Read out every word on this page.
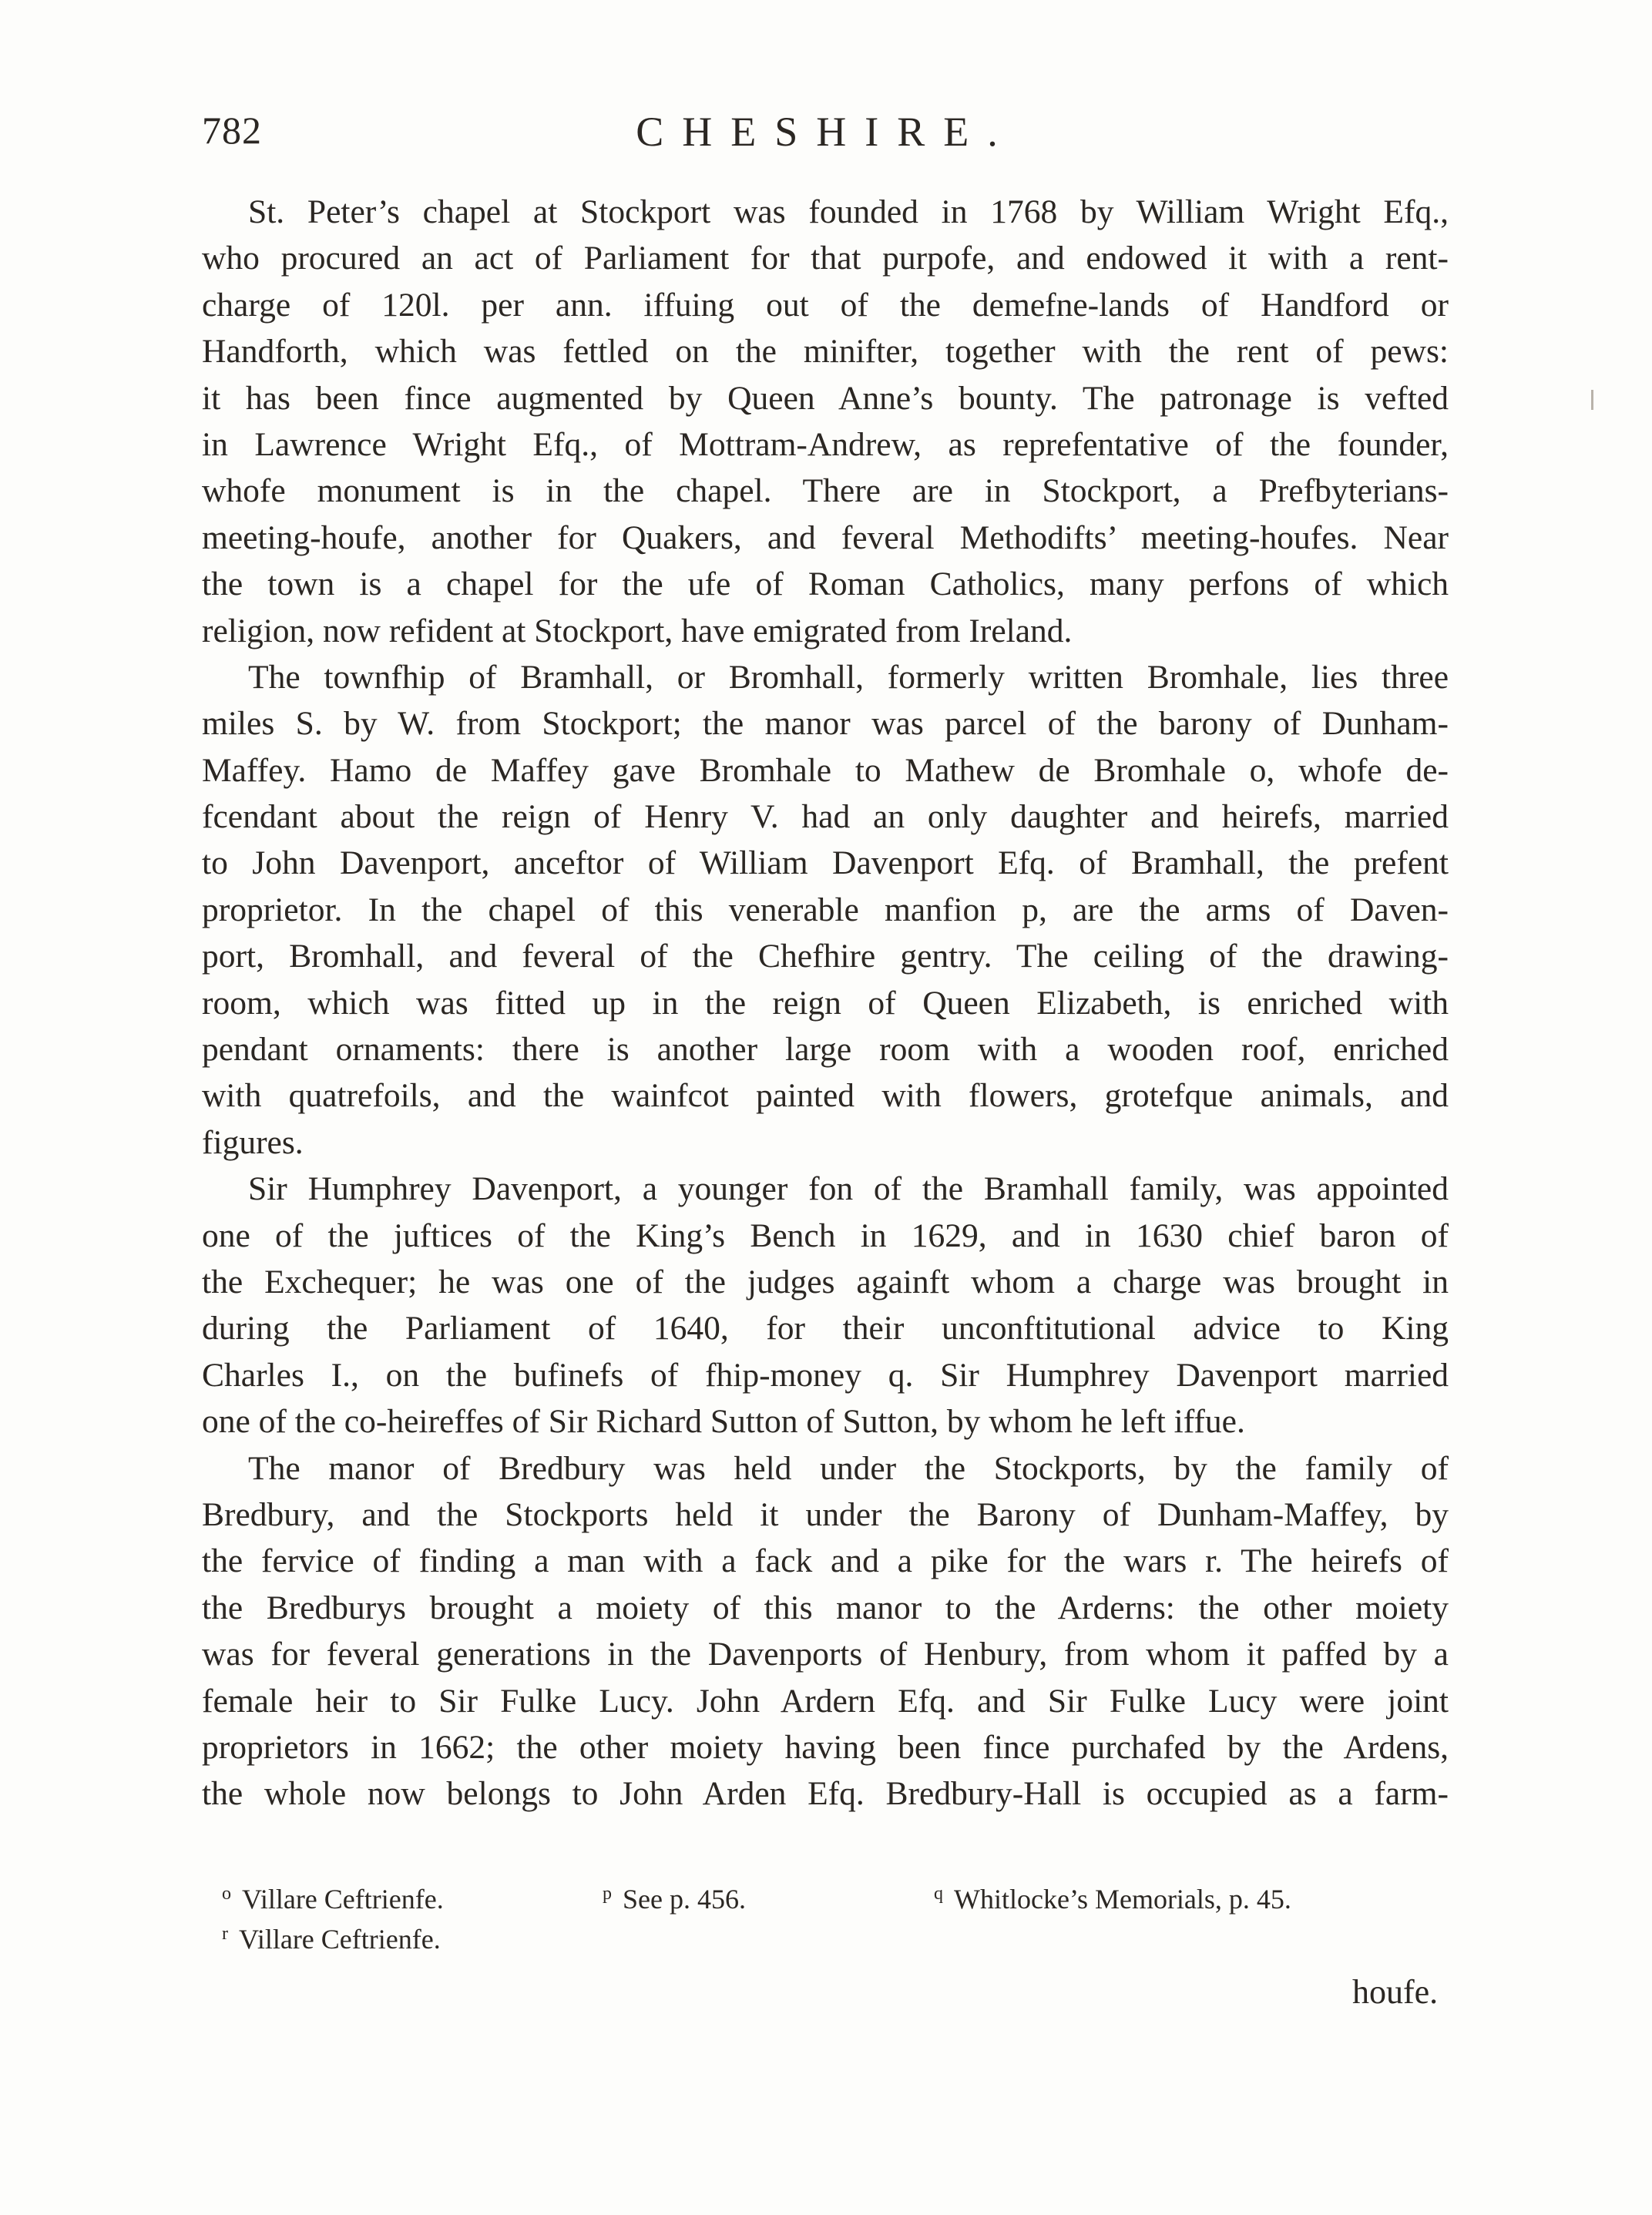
782	CHESHIRE.
St. Peter’s chapel at Stockport was founded in 1768 by William Wright Efq.,
who procured an act of Parliament for that purpofe, and endowed it with a rent-
charge of 120l. per ann. iffuing out of the demefne-lands of Handford or
Handforth, which was fettled on the minifter, together with the rent of pews:
it has been fince augmented by Queen Anne’s bounty. The patronage is vefted
in Lawrence Wright Efq., of Mottram-Andrew, as reprefentative of the founder,
whofe monument is in the chapel. There are in Stockport, a Prefbyterians-
meeting-houfe, another for Quakers, and feveral Methodifts’ meeting-houfes. Near
the town is a chapel for the ufe of Roman Catholics, many perfons of which
religion, now refident at Stockport, have emigrated from Ireland.
The townfhip of Bramhall, or Bromhall, formerly written Bromhale, lies three
miles S. by W. from Stockport; the manor was parcel of the barony of Dunham-
Maffey. Hamo de Maffey gave Bromhale to Mathew de Bromhale o, whofe de-
fcendant about the reign of Henry V. had an only daughter and heirefs, married
to John Davenport, anceftor of William Davenport Efq. of Bramhall, the prefent
proprietor. In the chapel of this venerable manfion p, are the arms of Daven-
port, Bromhall, and feveral of the Chefhire gentry. The ceiling of the drawing-
room, which was fitted up in the reign of Queen Elizabeth, is enriched with
pendant ornaments: there is another large room with a wooden roof, enriched
with quatrefoils, and the wainfcot painted with flowers, grotefque animals, and
figures.
Sir Humphrey Davenport, a younger fon of the Bramhall family, was appointed
one of the juftices of the King’s Bench in 1629, and in 1630 chief baron of
the Exchequer; he was one of the judges againft whom a charge was brought in
during the Parliament of 1640, for their unconftitutional advice to King
Charles I., on the bufinefs of fhip-money q. Sir Humphrey Davenport married
one of the co-heireffes of Sir Richard Sutton of Sutton, by whom he left iffue.
The manor of Bredbury was held under the Stockports, by the family of
Bredbury, and the Stockports held it under the Barony of Dunham-Maffey, by
the fervice of finding a man with a fack and a pike for the wars r. The heirefs of
the Bredburys brought a moiety of this manor to the Arderns: the other moiety
was for feveral generations in the Davenports of Henbury, from whom it paffed by a
female heir to Sir Fulke Lucy. John Ardern Efq. and Sir Fulke Lucy were joint
proprietors in 1662; the other moiety having been fince purchafed by the Ardens,
the whole now belongs to John Arden Efq. Bredbury-Hall is occupied as a farm-
o Villare Ceftrienfe.	p See p. 456.	q Whitlocke’s Memorials, p. 45.
r Villare Ceftrienfe.
houfe.
